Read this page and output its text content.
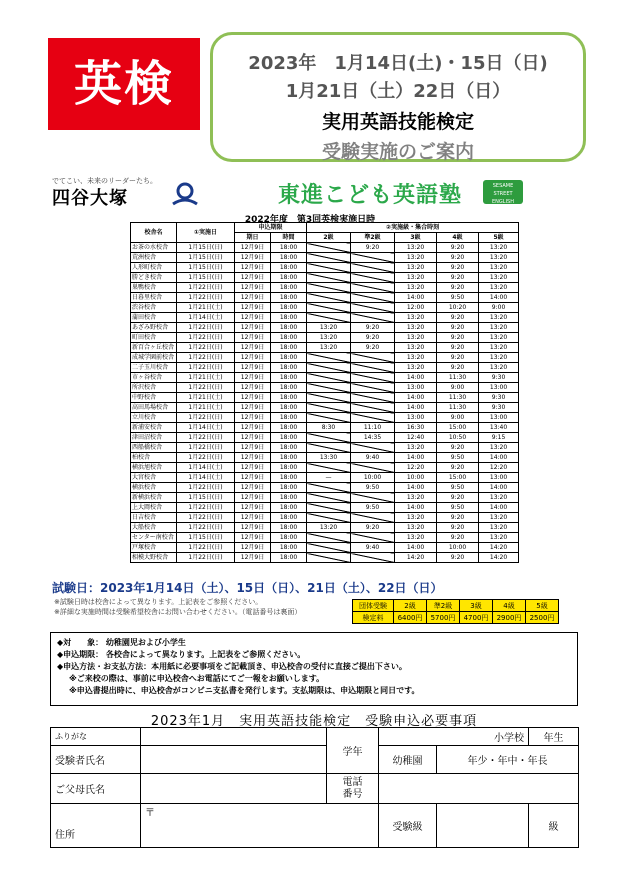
英検	2023年　1月14日(土)・15日（日)
1月21日（土）22日（日）
実用英語技能検定
受験実施のご案内
でてこい、未来のリーダーたち。
四谷大塚	東進こども英語塾	SESAME STREET
ENGLISH
2022年度　第3回英検実施日時
校舎名	①実施日	申込期限		②実施級・集合時刻				
		期日	時間	2級	準2級	3級	4級	5級
お茶の水校舎	1月15日(日)	12月9日	18:00		9:20	13:20	9:20	13:20
荒洲校舎	1月15日(日)	12月9日	18:00			13:20	9:20	13:20
人形町校舎	1月15日(日)	12月9日	18:00			13:20	9:20	13:20
勝どき校舎	1月15日(日)	12月9日	18:00			13:20	9:20	13:20
巣鴨校舎	1月22日(日)	12月9日	18:00			13:20	9:20	13:20
日暮里校舎	1月22日(日)	12月9日	18:00			14:00	9:50	14:00
渋谷校舎	1月21日(土)	12月9日	18:00			12:00	10:20	9:00
蒲田校舎	1月14日(土)	12月9日	18:00			13:20	9:20	13:20
あざみ野校舎	1月22日(日)	12月9日	18:00	13:20	9:20	13:20	9:20	13:20
町田校舎	1月22日(日)	12月9日	18:00	13:20	9:20	13:20	9:20	13:20
新百合ヶ丘校舎	1月22日(日)	12月9日	18:00	13:20	9:20	13:20	9:20	13:20
成城学園前校舎	1月22日(日)	12月9日	18:00			13:20	9:20	13:20
二子玉川校舎	1月22日(日)	12月9日	18:00			13:20	9:20	13:20
市ヶ谷校舎	1月21日(土)	12月9日	18:00			14:00	11:30	9:30
所沢校舎	1月22日(日)	12月9日	18:00			13:00	9:00	13:00
中野校舎	1月21日(土)	12月9日	18:00			14:00	11:30	9:30
高田馬場校舎	1月21日(土)	12月9日	18:00			14:00	11:30	9:30
立川校舎	1月22日(日)	12月9日	18:00			13:00	9:00	13:00
新浦安校舎	1月14日(土)	12月9日	18:00	8:30	11:10	16:30	15:00	13:40
津田沼校舎	1月22日(日)	12月9日	18:00		14:35	12:40	10:50	9:15
西船橋校舎	1月22日(日)	12月9日	18:00			13:20	9:20	13:20
柏校舎	1月22日(日)	12月9日	18:00	13:30	9:40	14:00	9:50	14:00
横浜旭校舎	1月14日(土)	12月9日	18:00			12:20	9:20	12:20
大宮校舎	1月14日(土)	12月9日	18:00	—	10:00	10:00	15:00	13:00
横浜校舎	1月22日(日)	12月9日	18:00		9:50	14:00	9:50	14:00
新横浜校舎	1月15日(日)	12月9日	18:00			13:20	9:20	13:20
上大岡校舎	1月22日(日)	12月9日	18:00		9:50	14:00	9:50	14:00
日吉校舎	1月22日(日)	12月9日	18:00			13:20	9:20	13:20
大船校舎	1月22日(日)	12月9日	18:00	13:20	9:20	13:20	9:20	13:20
センター南校舎	1月15日(日)	12月9日	18:00			13:20	9:20	13:20
戸塚校舎	1月22日(日)	12月9日	18:00		9:40	14:00	10:00	14:20
相模大野校舎	1月22日(日)	12月9日	18:00			14:20	9:20	14:20
試験日：2023年1月14日（土）、15日（日）、21日（土）、22日（日）
※試験日時は校舎によって異なります。上記表をご参照ください。
※詳細な実施時間は受験希望校舎にお問い合わせください。（電話番号は裏面）
団体受験	2級	準2級	3級	4級	5級
検定料	6400円	5700円	4700円	2900円	2500円
◆対　　象： 幼稚園児および小学生
◆申込期限： 各校舎によって異なります。上記表をご参照ください。
◆申込方法・お支払方法：本用紙に必要事項をご記載頂き、申込校舎の受付に直接ご提出下さい。
※ご来校の際は、事前に申込校舎へお電話にてご一報をお願いします。
※申込書提出時に、申込校舎がコンビニ支払書を発行します。支払期限は、申込期限と同日です。
2023年1月　実用英語技能検定　受験申込必要事項
ふりがな		学年	小学校		年生
受験者氏名			幼稚園	年少・年中・年長	
ご父母氏名		電話番号			
住所	〒		受験級		級
